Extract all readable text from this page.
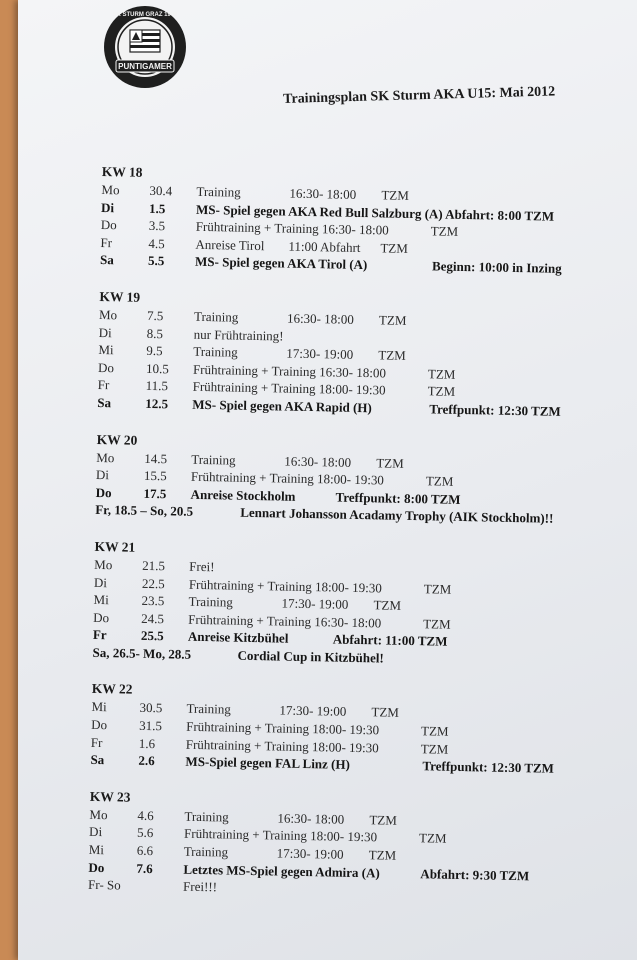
PUNTIGAMER
SK STURM GRAZ 1909
Trainingsplan SK Sturm AKA U15: Mai 2012
KW 18
Mo 30.4 Training	16:30- 18:00 TZM
Di	1.5 MS- Spiel gegen AKA Red Bull Salzburg (A) Abfahrt: 8:00 TZM
Do 3.5 Frühtraining + Training 16:30- 18:00	TZM
Fr	4.5 Anreise Tirol 11:00 Abfahrt TZM
Sa	5.5 MS- Spiel gegen AKA Tirol (A)	Beginn: 10:00 in Inzing
KW 19
Mo 7.5 Training	16:30- 18:00 TZM
Di	8.5 nur Frühtraining!
Mi	9.5 Training	17:30- 19:00 TZM
Do 10.5 Frühtraining + Training 16:30- 18:00	TZM
Fr	11.5 Frühtraining + Training 18:00- 19:30	TZM
Sa	12.5 MS- Spiel gegen AKA Rapid (H)	Treffpunkt: 12:30 TZM
KW 20
Mo 14.5 Training	16:30- 18:00 TZM
Di	15.5 Frühtraining + Training 18:00- 19:30	TZM
Do 17.5 Anreise Stockholm	Treffpunkt: 8:00 TZM
Fr, 18.5 – So, 20.5	Lennart Johansson Acadamy Trophy (AIK Stockholm)!!
KW 21
Mo 21.5 Frei!
Di	22.5 Frühtraining + Training 18:00- 19:30	TZM
Mi	23.5 Training	17:30- 19:00 TZM
Do 24.5 Frühtraining + Training 16:30- 18:00	TZM
Fr	25.5 Anreise Kitzbühel	Abfahrt: 11:00 TZM
Sa, 26.5- Mo, 28.5	Cordial Cup in Kitzbühel!
KW 22
Mi	30.5 Training	17:30- 19:00 TZM
Do 31.5 Frühtraining + Training 18:00- 19:30	TZM
Fr	1.6 Frühtraining + Training 18:00- 19:30	TZM
Sa	2.6 MS-Spiel gegen FAL Linz (H)	Treffpunkt: 12:30 TZM
KW 23
Mo 4.6 Training	16:30- 18:00 TZM
Di	5.6 Frühtraining + Training 18:00- 19:30	TZM
Mi	6.6 Training	17:30- 19:00 TZM
Do 7.6 Letztes MS-Spiel gegen Admira (A)	Abfahrt: 9:30 TZM
Fr- So	Frei!!!
